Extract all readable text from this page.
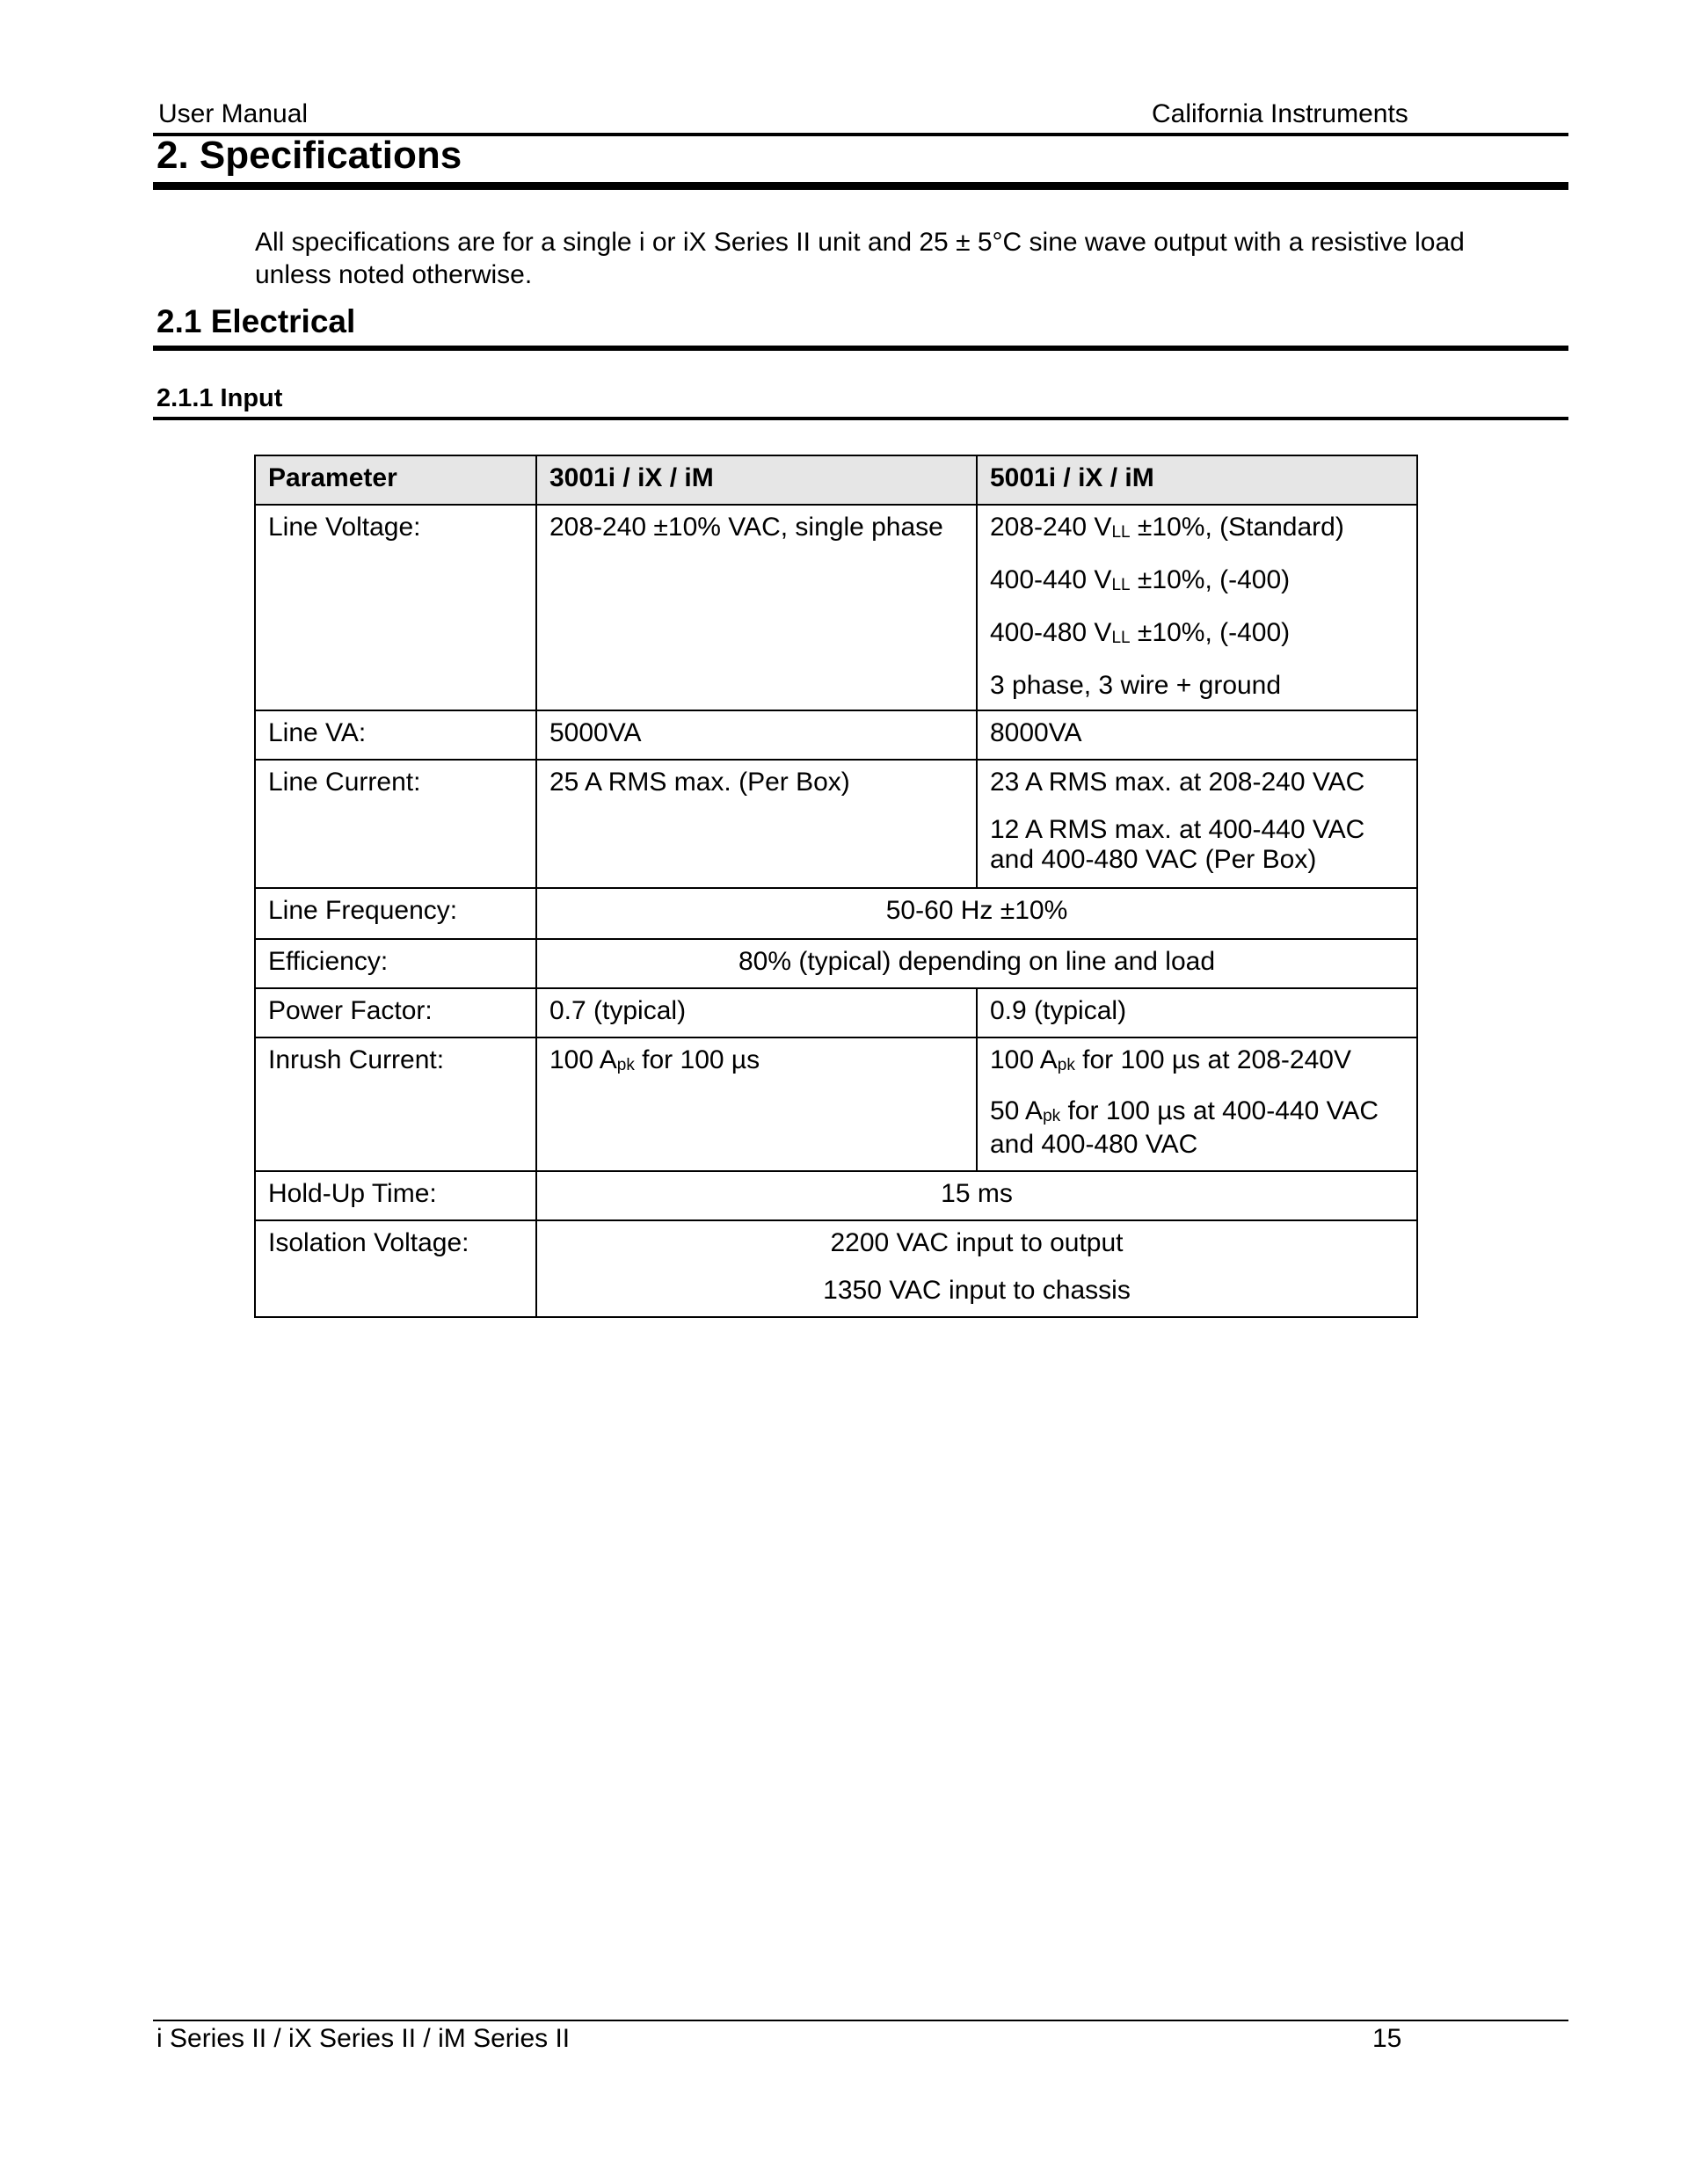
User Manual	California Instruments
2. Specifications
All specifications are for a single i or iX Series II unit and 25 ± 5°C sine wave output with a resistive load unless noted otherwise.
2.1 Electrical
2.1.1 Input
Parameter	3001i / iX / iM	5001i / iX / iM
Line Voltage:	208-240 ±10% VAC, single phase	208-240 VLL ±10%, (Standard)
400-440 VLL ±10%, (-400)
400-480 VLL ±10%, (-400)
3 phase, 3 wire + ground

Line VA:	5000VA	8000VA
Line Current:	25 A RMS max. (Per Box)	23 A RMS max. at 208-240 VAC
12 A RMS max. at 400-440 VAC and 400-480 VAC (Per Box)

Line Frequency:	50-60 Hz ±10%	
Efficiency:	80% (typical) depending on line and load	
Power Factor:	0.7 (typical)	0.9 (typical)
Inrush Current:	100 Apk for 100 µs	100 Apk for 100 µs at 208-240V
50 Apk for 100 µs at 400-440 VAC and 400-480 VAC

Hold-Up Time:	15 ms	
Isolation Voltage:	2200 VAC input to output
1350 VAC input to chassis	
i Series II / iX Series II / iM Series II	15
